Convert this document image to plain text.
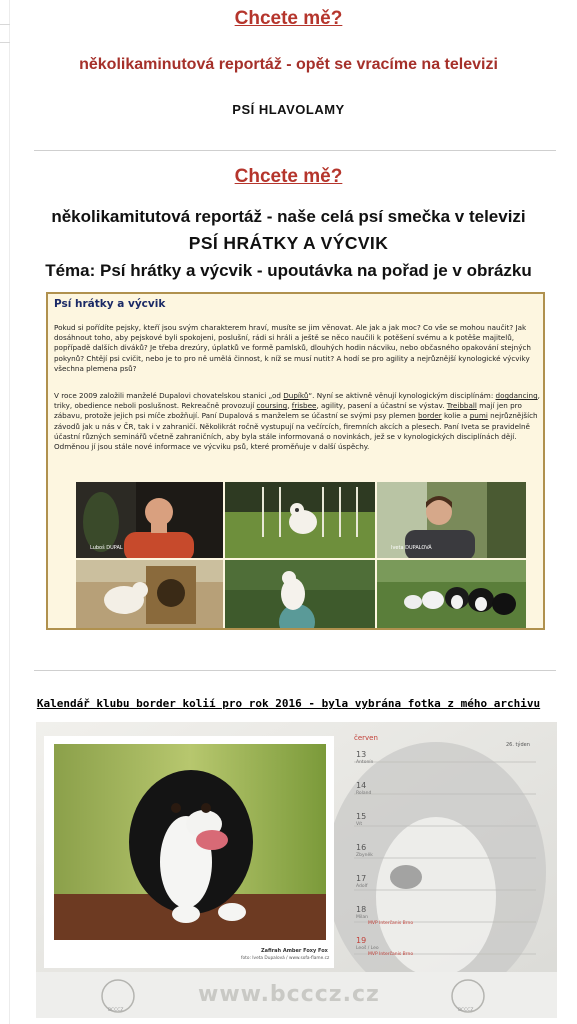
Chcete mě?
několikaminutová reportáž - opět se vracíme na televizi
PSÍ HLAVOLAMY
Chcete mě?
několikamitutová reportáž - naše celá psí smečka v televizi
PSÍ HRÁTKY A VÝCVIK
Téma: Psí hrátky a výcvik - upoutávka na pořad je v obrázku
Psí hrátky a výcvik
Pokud si pořídíte pejsky, kteří jsou svým charakterem hraví, musíte se jim věnovat. Ale jak a jak moc? Co vše se mohou naučit? Jak dosáhnout toho, aby pejskové byli spokojeni, poslušní, rádi si hráli a ještě se něco naučili k potěšení svému a k potěše majitelů, popřípadě dalších diváků? Je třeba drezúry, úplatků ve formě pamlsků, dlouhých hodin nácviku, nebo občasného opakování stejných pokynů? Chtějí psi cvičit, nebo je to pro ně umělá činnost, k níž se musí nutit? A hodí se pro agility a nejrůznější kynologické výcviky všechna plemena psů?
V roce 2009 založili manželé Dupalovi chovatelskou stanici „od Dupíků“. Nyní se aktivně věnují kynologickým disciplínám: dogdancing, triky, obedience neboli poslušnost. Rekreačně provozují coursing, frisbee, agility, pasení a účastní se výstav. Treibball mají jen pro zábavu, protože jejich psi míče zbožňují. Paní Dupalová s manželem se účastní se svými psy plemen border kolie a pumi nejrůznějších závodů jak u nás v ČR, tak i v zahraničí. Několikrát ročně vystupují na večírcích, firemních akcích a plesech. Paní Iveta se pravidelně účastní různých seminářů včetně zahraničních, aby byla stále informovaná o novinkách, jež se v kynologických disciplínách dějí. Odměnou jí jsou stále nové informace ve výcviku psů, které proměňuje v další úspěchy.
Luboš DUPAL	Iveta DUPALOVÁ
Kalendář klubu border kolií pro rok 2016 - byla vybrána fotka z mého archivu
červen
26. týden
13
Antonín
14
Roland
15
Vít
16
Zbyněk
17
Adolf
18
Milan
MVP Interčanis Brno
19
Leoš / Leo
MVP Interčanis Brno
Zafirah Amber Foxy Fox
foto: Iveta Dupalová / www.sofa-flame.cz
www.bcccz.cz
BCCCZ	BCCCZ
